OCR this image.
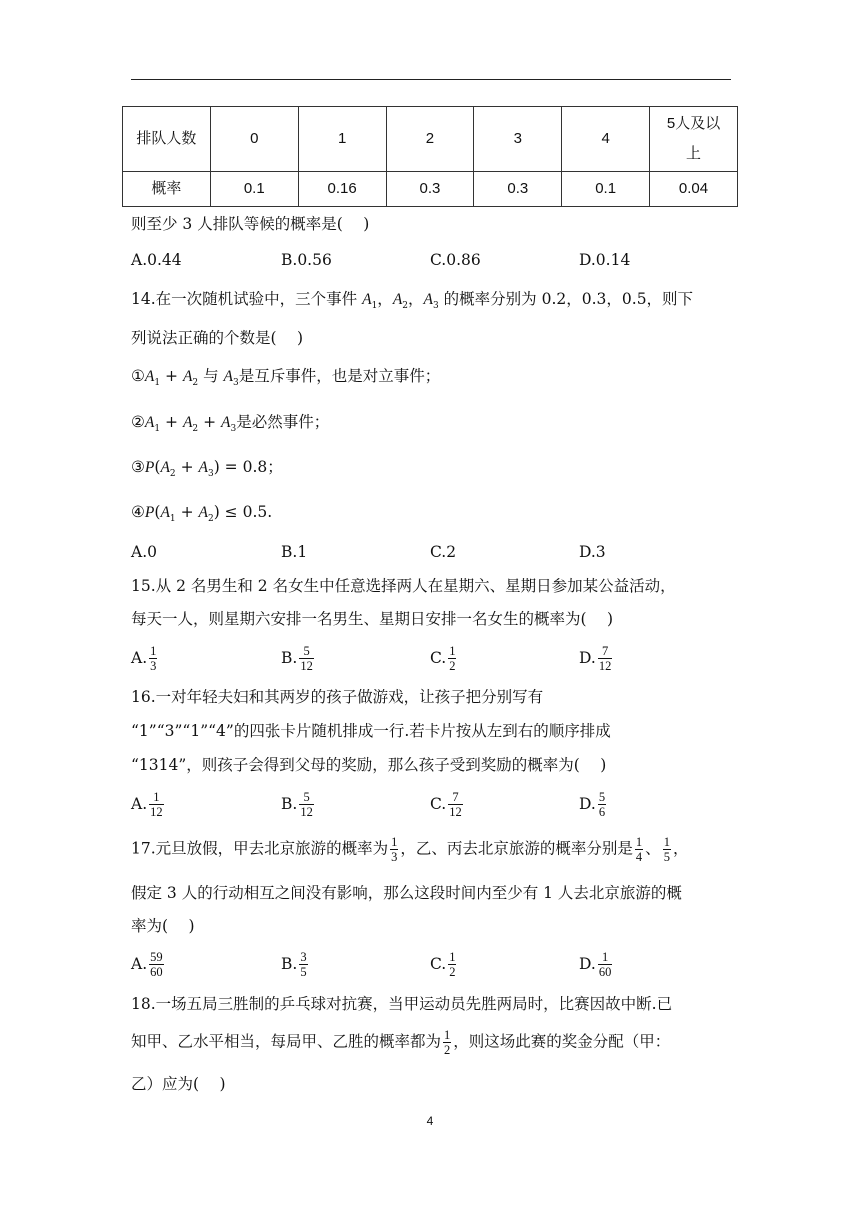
排队人数	0	1	2	3	4	5人及以上
概率	0.1	0.16	0.3	0.3	0.1	0.04
则至少 3 人排队等候的概率是(　 )
A.0.44	B.0.56	C.0.86	D.0.14
14.在一次随机试验中，三个事件 $A_1$，$A_2$，$A_3$ 的概率分别为 0.2，0.3，0.5，则下
列说法正确的个数是(　 )
$①A_1 + A_2$ 与 $A_3$是互斥事件，也是对立事件；
$②A_1 + A_2 + A_3$是必然事件；
$③P(A_2 + A_3) = 0.8$；
$④P(A_1 + A_2) \le 0.5$.
A.0	B.1	C.2	D.3
15.从 2 名男生和 2 名女生中任意选择两人在星期六、星期日参加某公益活动，
每天一人，则星期六安排一名男生、星期日安排一名女生的概率为(　 )
A. $\frac{1}{3}$	B. $\frac{5}{12}$	C. $\frac{1}{2}$	D. $\frac{7}{12}$
16.一对年轻夫妇和其两岁的孩子做游戏，让孩子把分别写有
“1”“3”“1”“4”的四张卡片随机排成一行.若卡片按从左到右的顺序排成
“1314”，则孩子会得到父母的奖励，那么孩子受到奖励的概率为(　 )
A. $\frac{1}{12}$	B. $\frac{5}{12}$	C. $\frac{7}{12}$	D. $\frac{5}{6}$
17.元旦放假，甲去北京旅游的概率为 $\frac{1}{3}$ ，乙、丙去北京旅游的概率分别是 $\frac{1}{4}$ 、 $\frac{1}{5}$ ，
假定 3 人的行动相互之间没有影响，那么这段时间内至少有 1 人去北京旅游的概
率为(　 )
A. $\frac{59}{60}$	B. $\frac{3}{5}$	C. $\frac{1}{2}$	D. $\frac{1}{60}$
18.一场五局三胜制的乒乓球对抗赛，当甲运动员先胜两局时，比赛因故中断.已
知甲、乙水平相当，每局甲、乙胜的概率都为 $\frac{1}{2}$ ，则这场此赛的奖金分配（甲：
乙）应为(　 )
4
